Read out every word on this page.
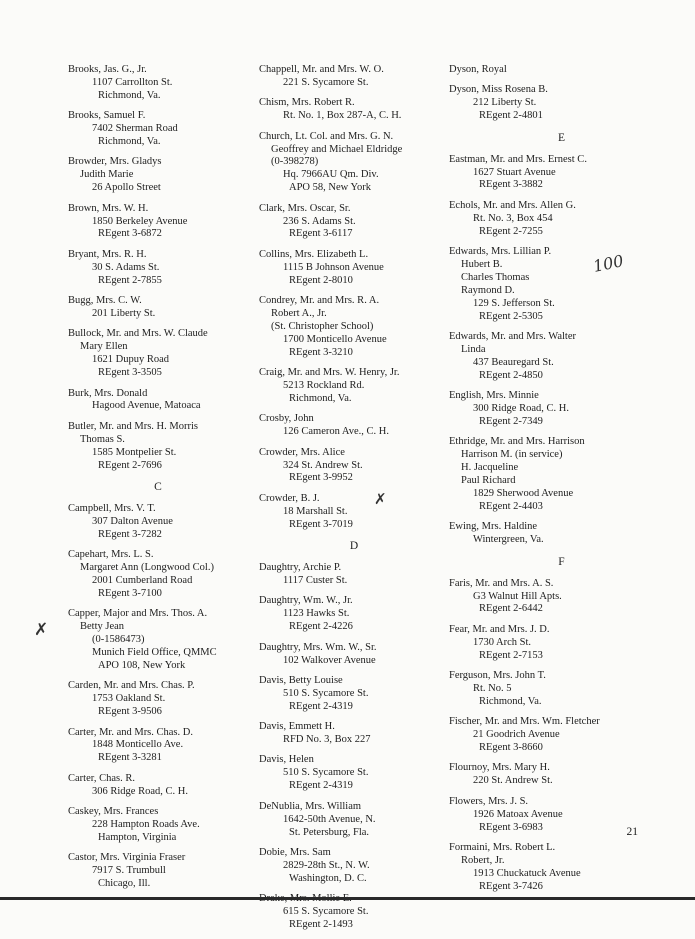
Brooks, Jas. G., Jr.
1107 Carrollton St.
Richmond, Va.
Brooks, Samuel F.
7402 Sherman Road
Richmond, Va.
Browder, Mrs. Gladys
Judith Marie
26 Apollo Street
Brown, Mrs. W. H.
1850 Berkeley Avenue
REgent 3-6872
Bryant, Mrs. R. H.
30 S. Adams St.
REgent 2-7855
Bugg, Mrs. C. W.
201 Liberty St.
Bullock, Mr. and Mrs. W. Claude
Mary Ellen
1621 Dupuy Road
REgent 3-3505
Burk, Mrs. Donald
Hagood Avenue, Matoaca
Butler, Mr. and Mrs. H. Morris
Thomas S.
1585 Montpelier St.
REgent 2-7696
C
Campbell, Mrs. V. T.
307 Dalton Avenue
REgent 3-7282
Capehart, Mrs. L. S.
Margaret Ann (Longwood Col.)
2001 Cumberland Road
REgent 3-7100
Capper, Major and Mrs. Thos. A.
Betty Jean
(0-1586473)
Munich Field Office, QMMC
APO 108, New York
Carden, Mr. and Mrs. Chas. P.
1753 Oakland St.
REgent 3-9506
Carter, Mr. and Mrs. Chas. D.
1848 Monticello Ave.
REgent 3-3281
Carter, Chas. R.
306 Ridge Road, C. H.
Caskey, Mrs. Frances
228 Hampton Roads Ave.
Hampton, Virginia
Castor, Mrs. Virginia Fraser
7917 S. Trumbull
Chicago, Ill.
Chappell, Mr. and Mrs. W. O.
221 S. Sycamore St.
Chism, Mrs. Robert R.
Rt. No. 1, Box 287-A, C. H.
Church, Lt. Col. and Mrs. G. N.
Geoffrey and Michael Eldridge
(0-398278)
Hq. 7966AU Qm. Div.
APO 58, New York
Clark, Mrs. Oscar, Sr.
236 S. Adams St.
REgent 3-6117
Collins, Mrs. Elizabeth L.
1115 B Johnson Avenue
REgent 2-8010
Condrey, Mr. and Mrs. R. A.
Robert A., Jr.
(St. Christopher School)
1700 Monticello Avenue
REgent 3-3210
Craig, Mr. and Mrs. W. Henry, Jr.
5213 Rockland Rd.
Richmond, Va.
Crosby, John
126 Cameron Ave., C. H.
Crowder, Mrs. Alice
324 St. Andrew St.
REgent 3-9952
Crowder, B. J.
18 Marshall St.
REgent 3-7019
D
Daughtry, Archie P.
1117 Custer St.
Daughtry, Wm. W., Jr.
1123 Hawks St.
REgent 2-4226
Daughtry, Mrs. Wm. W., Sr.
102 Walkover Avenue
Davis, Betty Louise
510 S. Sycamore St.
REgent 2-4319
Davis, Emmett H.
RFD No. 3, Box 227
Davis, Helen
510 S. Sycamore St.
REgent 2-4319
DeNublia, Mrs. William
1642-50th Avenue, N.
St. Petersburg, Fla.
Dobie, Mrs. Sam
2829-28th St., N. W.
Washington, D. C.
615 S. Sycamore St.
REgent 2-1493
Dyson, Royal
Dyson, Miss Rosena B.
212 Liberty St.
REgent 2-4801
E
Eastman, Mr. and Mrs. Ernest C.
1627 Stuart Avenue
REgent 3-3882
Echols, Mr. and Mrs. Allen G.
Rt. No. 3, Box 454
REgent 2-7255
Edwards, Mrs. Lillian P.
Hubert B.
Charles Thomas
Raymond D.
129 S. Jefferson St.
REgent 2-5305
Edwards, Mr. and Mrs. Walter
Linda
437 Beauregard St.
REgent 2-4850
English, Mrs. Minnie
300 Ridge Road, C. H.
REgent 2-7349
Ethridge, Mr. and Mrs. Harrison
Harrison M. (in service)
H. Jacqueline
Paul Richard
1829 Sherwood Avenue
REgent 2-4403
Ewing, Mrs. Haldine
Wintergreen, Va.
F
Faris, Mr. and Mrs. A. S.
G3 Walnut Hill Apts.
REgent 2-6442
Fear, Mr. and Mrs. J. D.
1730 Arch St.
REgent 2-7153
Ferguson, Mrs. John T.
Rt. No. 5
Richmond, Va.
Fischer, Mr. and Mrs. Wm. Fletcher
21 Goodrich Avenue
REgent 3-8660
Flournoy, Mrs. Mary H.
220 St. Andrew St.
Flowers, Mrs. J. S.
1926 Matoax Avenue
REgent 3-6983
Formaini, Mrs. Robert L.
Robert, Jr.
1913 Chuckatuck Avenue
REgent 3-7426
✗
✗
100
21
